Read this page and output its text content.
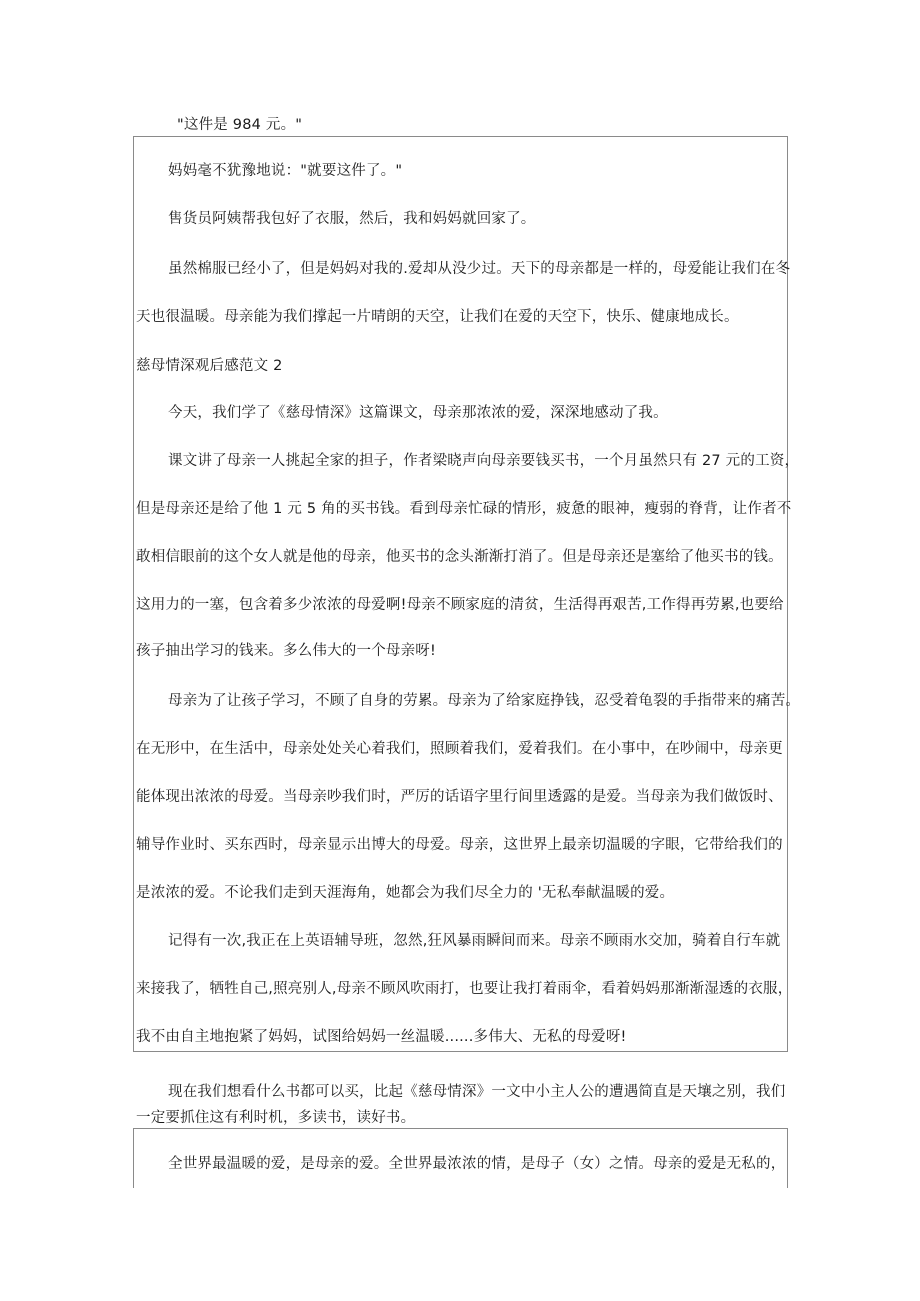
"这件是 984 元。"
妈妈毫不犹豫地说："就要这件了。"
售货员阿姨帮我包好了衣服，然后，我和妈妈就回家了。
虽然棉服已经小了，但是妈妈对我的.爱却从没少过。天下的母亲都是一样的，母爱能让我们在冬
天也很温暖。母亲能为我们撑起一片晴朗的天空，让我们在爱的天空下，快乐、健康地成长。
慈母情深观后感范文 2
今天，我们学了《慈母情深》这篇课文，母亲那浓浓的爱，深深地感动了我。
课文讲了母亲一人挑起全家的担子，作者梁晓声向母亲要钱买书，一个月虽然只有 27 元的工资，
但是母亲还是给了他 1 元 5 角的买书钱。看到母亲忙碌的情形，疲惫的眼神，瘦弱的脊背，让作者不
敢相信眼前的这个女人就是他的母亲，他买书的念头渐渐打消了。但是母亲还是塞给了他买书的钱。
这用力的一塞，包含着多少浓浓的母爱啊!母亲不顾家庭的清贫，生活得再艰苦,工作得再劳累,也要给
孩子抽出学习的钱来。多么伟大的一个母亲呀!
母亲为了让孩子学习，不顾了自身的劳累。母亲为了给家庭挣钱，忍受着龟裂的手指带来的痛苦。
在无形中，在生活中，母亲处处关心着我们，照顾着我们，爱着我们。在小事中，在吵闹中，母亲更
能体现出浓浓的母爱。当母亲吵我们时，严厉的话语字里行间里透露的是爱。当母亲为我们做饭时、
辅导作业时、买东西时，母亲显示出博大的母爱。母亲，这世界上最亲切温暖的字眼，它带给我们的
是浓浓的爱。不论我们走到天涯海角，她都会为我们尽全力的 '无私奉献温暖的爱。
记得有一次,我正在上英语辅导班，忽然,狂风暴雨瞬间而来。母亲不顾雨水交加，骑着自行车就
来接我了，牺牲自己,照亮别人,母亲不顾风吹雨打，也要让我打着雨伞，看着妈妈那渐渐湿透的衣服，
我不由自主地抱紧了妈妈，试图给妈妈一丝温暖......多伟大、无私的母爱呀!
现在我们想看什么书都可以买，比起《慈母情深》一文中小主人公的遭遇简直是天壤之别，我们
一定要抓住这有利时机，多读书，读好书。
全世界最温暖的爱，是母亲的爱。全世界最浓浓的情，是母子（女）之情。母亲的爱是无私的，
